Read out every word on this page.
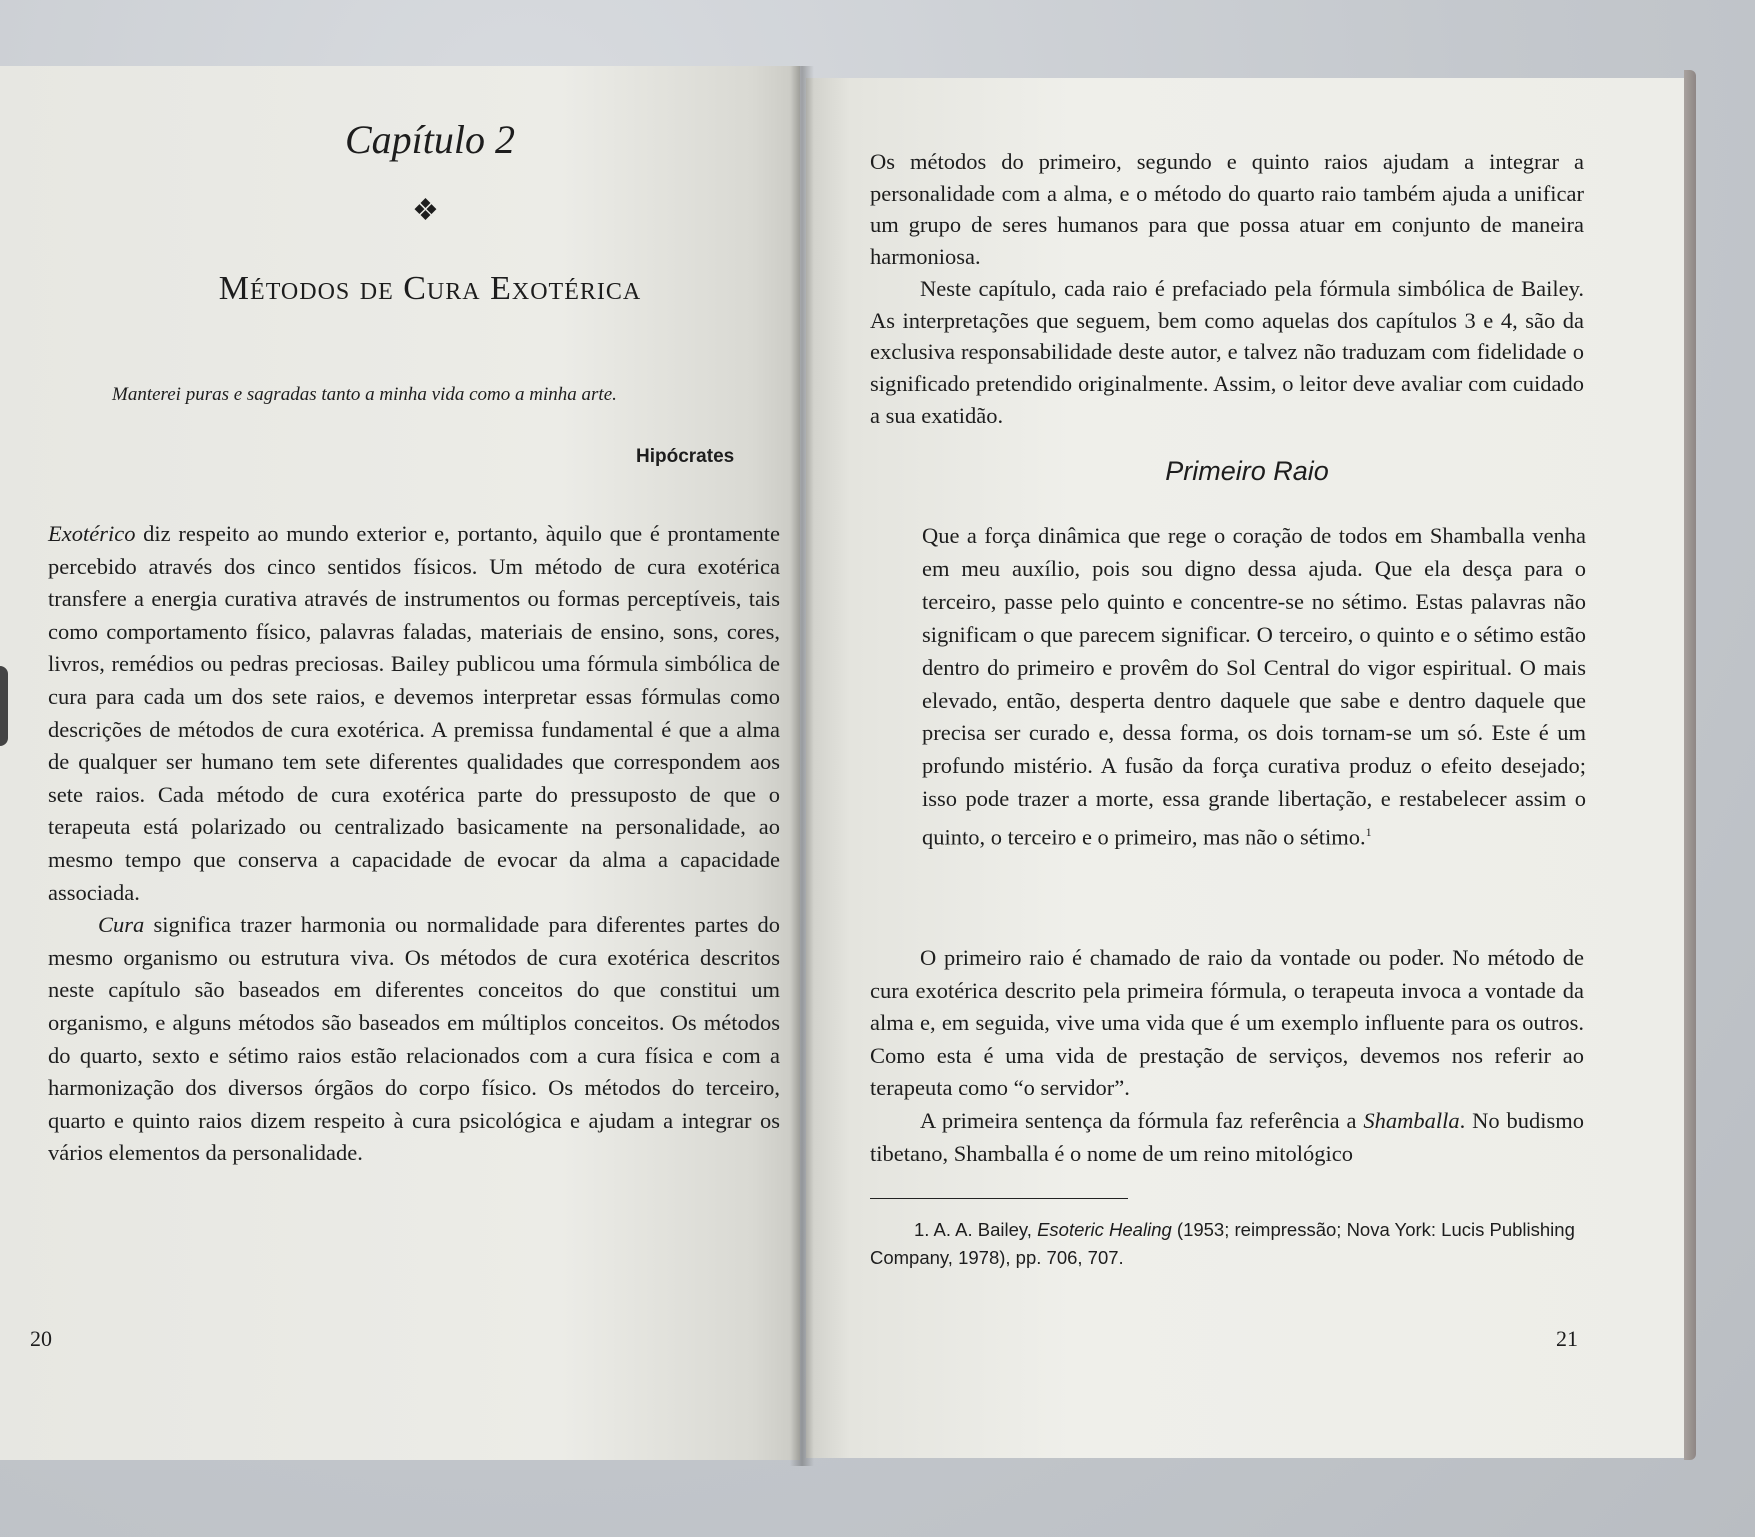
Capítulo 2
❖
Métodos de Cura Exotérica
Manterei puras e sagradas tanto a minha vida como a minha arte.
Hipócrates

Exotérico diz respeito ao mundo exterior e, portanto, àquilo que é prontamente percebido através dos cinco sentidos físicos. Um método de cura exotérica transfere a energia curativa através de instrumentos ou formas perceptíveis, tais como comportamento físico, palavras faladas, materiais de ensino, sons, cores, livros, remédios ou pedras preciosas. Bailey publicou uma fórmula simbólica de cura para cada um dos sete raios, e devemos interpretar essas fórmulas como descrições de métodos de cura exotérica. A premissa fundamental é que a alma de qualquer ser humano tem sete diferentes qualidades que correspondem aos sete raios. Cada método de cura exotérica parte do pressuposto de que o terapeuta está polarizado ou centralizado basicamente na personalidade, ao mesmo tempo que conserva a capacidade de evocar da alma a capacidade associada.

Cura significa trazer harmonia ou normalidade para diferentes partes do mesmo organismo ou estrutura viva. Os métodos de cura exotérica descritos neste capítulo são baseados em diferentes conceitos do que constitui um organismo, e alguns métodos são baseados em múltiplos conceitos. Os métodos do quarto, sexto e sétimo raios estão relacionados com a cura física e com a harmonização dos diversos órgãos do corpo físico. Os métodos do terceiro, quarto e quinto raios dizem respeito à cura psicológica e ajudam a integrar os vários elementos da personalidade.

20

Os métodos do primeiro, segundo e quinto raios ajudam a integrar a personalidade com a alma, e o método do quarto raio também ajuda a unificar um grupo de seres humanos para que possa atuar em conjunto de maneira harmoniosa.

Neste capítulo, cada raio é prefaciado pela fórmula simbólica de Bailey. As interpretações que seguem, bem como aquelas dos capítulos 3 e 4, são da exclusiva responsabilidade deste autor, e talvez não traduzam com fidelidade o significado pretendido originalmente. Assim, o leitor deve avaliar com cuidado a sua exatidão.

Primeiro Raio
Que a força dinâmica que rege o coração de todos em Shamballa venha em meu auxílio, pois sou digno dessa ajuda. Que ela desça para o terceiro, passe pelo quinto e concentre-se no sétimo. Estas palavras não significam o que parecem significar. O terceiro, o quinto e o sétimo estão dentro do primeiro e provêm do Sol Central do vigor espiritual. O mais elevado, então, desperta dentro daquele que sabe e dentro daquele que precisa ser curado e, dessa forma, os dois tornam-se um só. Este é um profundo mistério. A fusão da força curativa produz o efeito desejado; isso pode trazer a morte, essa grande libertação, e restabelecer assim o quinto, o terceiro e o primeiro, mas não o sétimo.$^1$

O primeiro raio é chamado de raio da vontade ou poder. No método de cura exotérica descrito pela primeira fórmula, o terapeuta invoca a vontade da alma e, em seguida, vive uma vida que é um exemplo influente para os outros. Como esta é uma vida de prestação de serviços, devemos nos referir ao terapeuta como “o servidor”.

A primeira sentença da fórmula faz referência a Shamballa. No budismo tibetano, Shamballa é o nome de um reino mitológico

1. A. A. Bailey, Esoteric Healing (1953; reimpressão; Nova York: Lucis Publishing Company, 1978), pp. 706, 707.
21
